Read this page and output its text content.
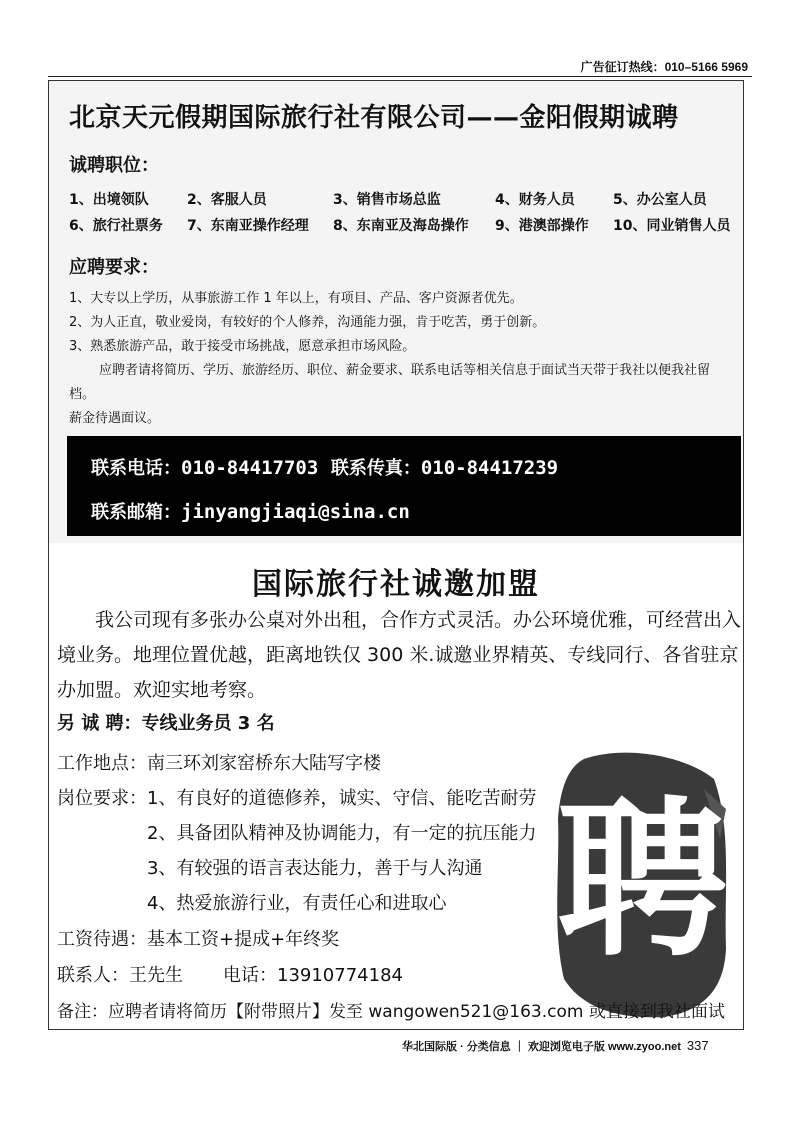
广告征订热线：010–5166 5969
北京天元假期国际旅行社有限公司——金阳假期诚聘
诚聘职位：
1、出境领队	2、客服人员	3、销售市场总监	4、财务人员	5、办公室人员
6、旅行社票务	7、东南亚操作经理	8、东南亚及海岛操作	9、港澳部操作	10、同业销售人员
应聘要求：

1、大专以上学历，从事旅游工作 1 年以上，有项目、产品、客户资源者优先。

2、为人正直，敬业爱岗，有较好的个人修养，沟通能力强，肯于吃苦，勇于创新。

3、熟悉旅游产品，敢于接受市场挑战，愿意承担市场风险。

应聘者请将简历、学历、旅游经历、职位、薪金要求、联系电话等相关信息于面试当天带于我社以便我社留档。

薪金待遇面议。

联系电话：010-84417703 联系传真：010-84417239
联系邮箱：jinyangjiaqi@sina.cn
国际旅行社诚邀加盟

我公司现有多张办公桌对外出租，合作方式灵活。办公环境优雅，可经营出入境业务。地理位置优越，距离地铁仅 300 米.诚邀业界精英、专线同行、各省驻京办加盟。欢迎实地考察。

另 诚 聘：专线业务员 3 名
聘
工作地点：南三环刘家窑桥东大陆写字楼
岗位要求： 1、有良好的道德修养，诚实、守信、能吃苦耐劳
2、具备团队精神及协调能力，有一定的抗压能力
3、有较强的语言表达能力，善于与人沟通
4、热爱旅游行业，有责任心和进取心
工资待遇：基本工资+提成+年终奖
联系人：王先生 电话：13910774184
备注：应聘者请将简历【附带照片】发至 wangowen521@163.com 或直接到我社面试
华北国际版 · 分类信息 ｜ 欢迎浏览电子版 www.zyoo.net 337
